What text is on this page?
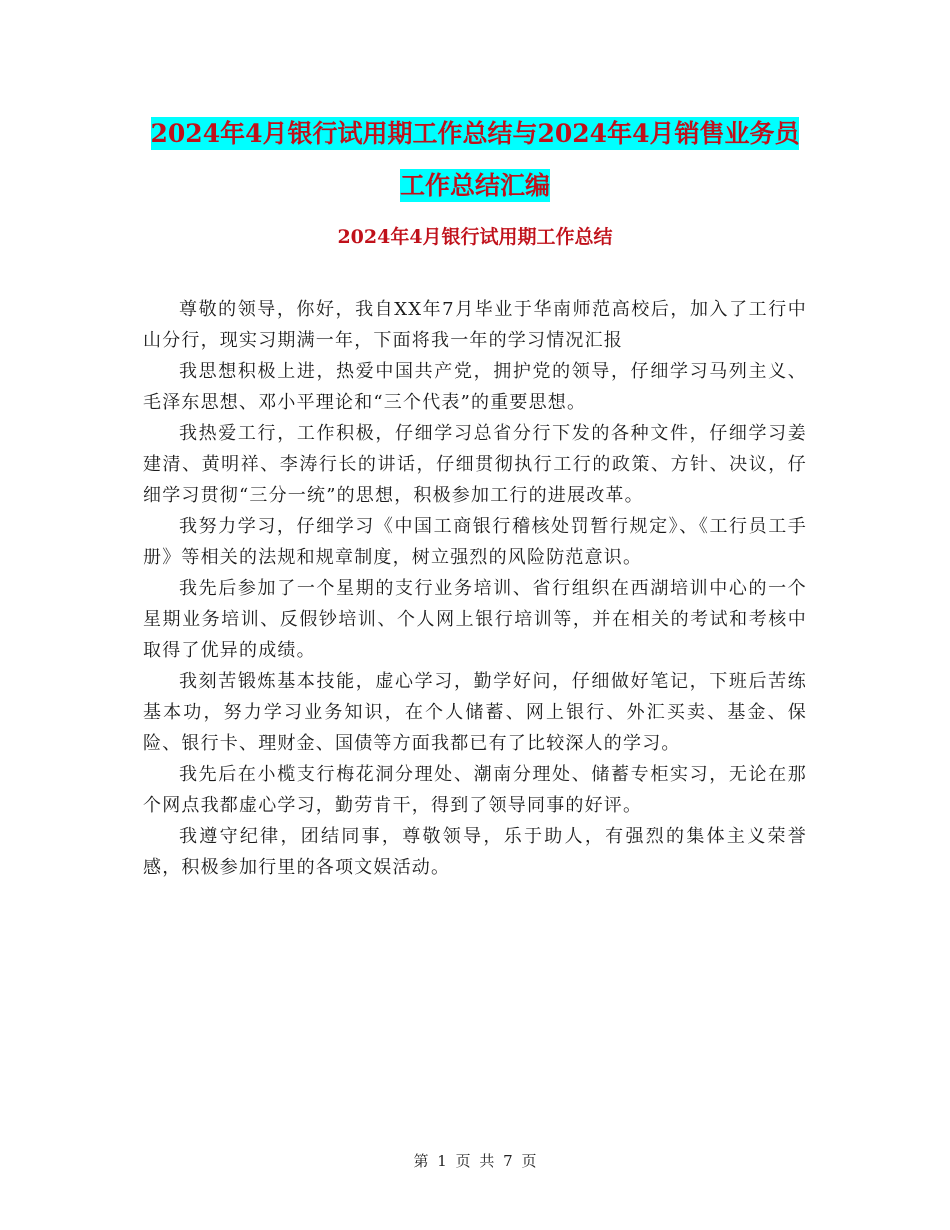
2024年4月银行试用期工作总结与2024年4月销售业务员工作总结汇编
2024年4月银行试用期工作总结

尊敬的领导，你好，我自XX年7月毕业于华南师范高校后，加入了工行中山分行，现实习期满一年，下面将我一年的学习情况汇报

我思想积极上进，热爱中国共产党，拥护党的领导，仔细学习马列主义、毛泽东思想、邓小平理论和“三个代表”的重要思想。

我热爱工行，工作积极，仔细学习总省分行下发的各种文件，仔细学习姜建清、黄明祥、李涛行长的讲话，仔细贯彻执行工行的政策、方针、决议，仔细学习贯彻“三分一统”的思想，积极参加工行的进展改革。

我努力学习，仔细学习《中国工商银行稽核处罚暂行规定》、《工行员工手册》等相关的法规和规章制度，树立强烈的风险防范意识。

我先后参加了一个星期的支行业务培训、省行组织在西湖培训中心的一个星期业务培训、反假钞培训、个人网上银行培训等，并在相关的考试和考核中取得了优异的成绩。

我刻苦锻炼基本技能，虚心学习，勤学好问，仔细做好笔记，下班后苦练基本功，努力学习业务知识，在个人储蓄、网上银行、外汇买卖、基金、保险、银行卡、理财金、国债等方面我都已有了比较深人的学习。

我先后在小榄支行梅花洞分理处、潮南分理处、储蓄专柜实习，无论在那个网点我都虚心学习，勤劳肯干，得到了领导同事的好评。

我遵守纪律，团结同事，尊敬领导，乐于助人，有强烈的集体主义荣誉感，积极参加行里的各项文娱活动。

第 1 页 共 7 页
